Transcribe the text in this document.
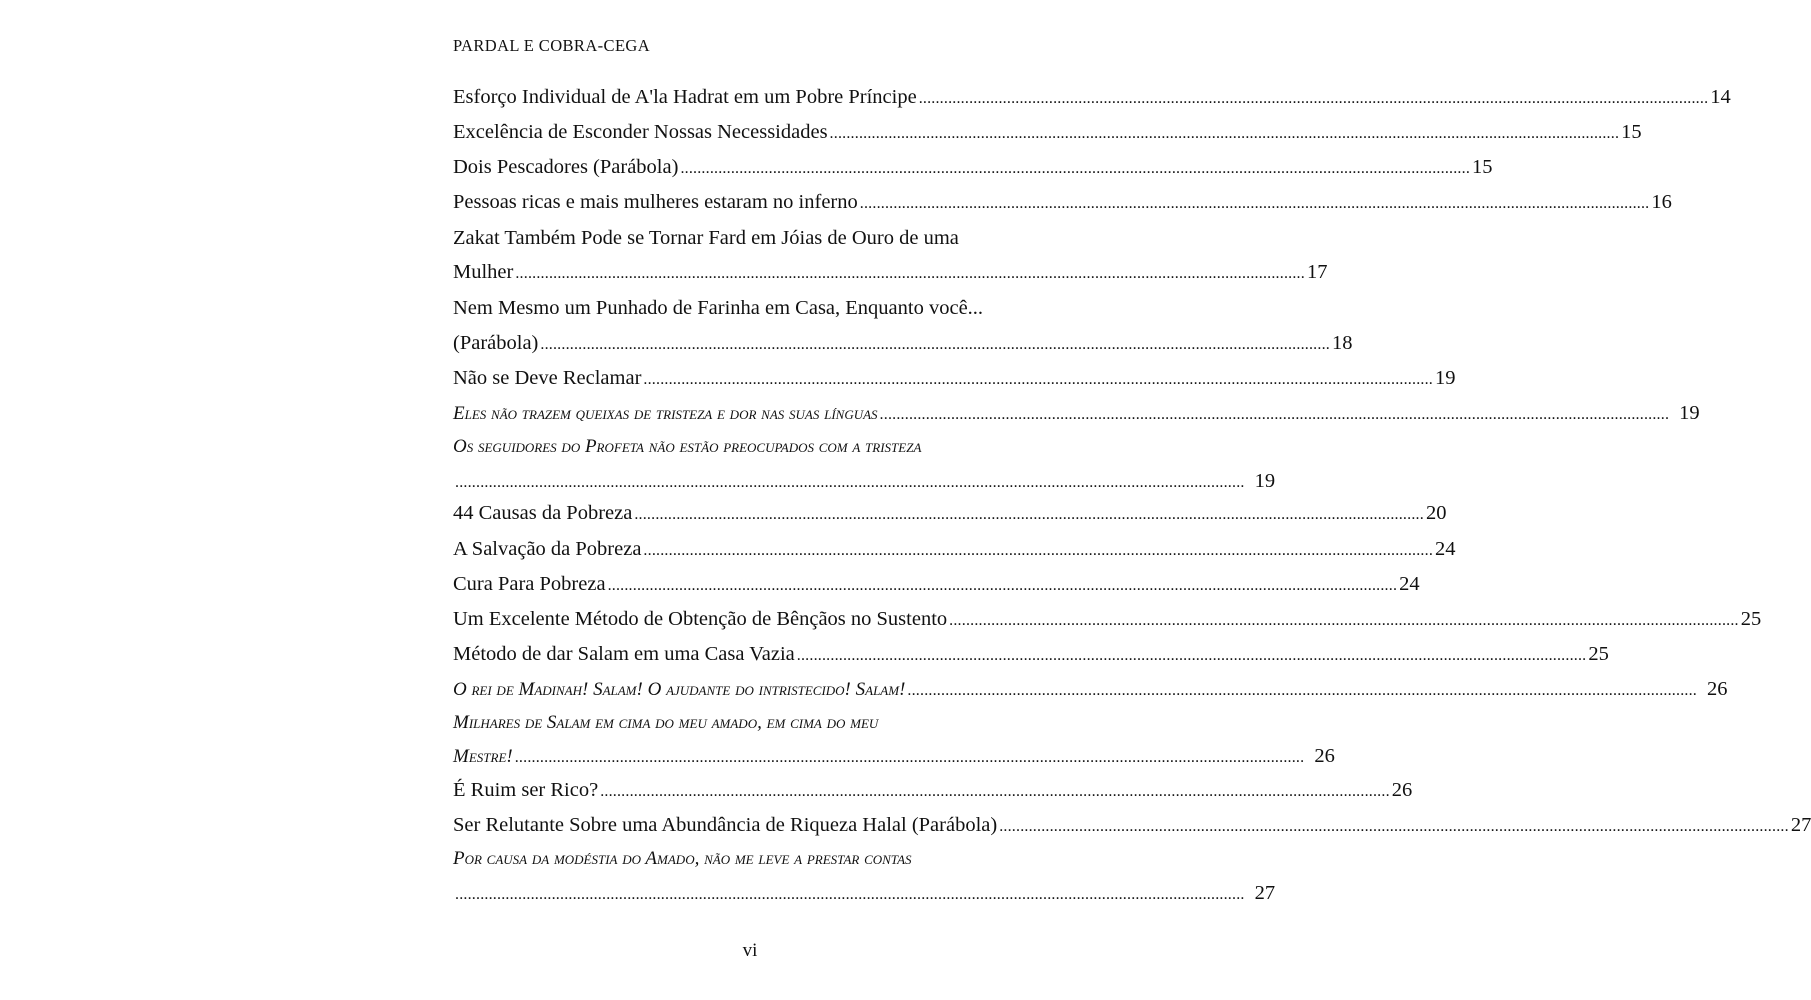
PARDAL E COBRA-CEGA
Esforço Individual de A'la Hadrat em um Pobre Príncipe ............................................................................................................................................................................................ 14
Excelência de Esconder Nossas Necessidades ............................................................................................................................................................................................ 15
Dois Pescadores (Parábola) ............................................................................................................................................................................................ 15
Pessoas ricas e mais mulheres estaram no inferno ............................................................................................................................................................................................ 16
Zakat Também Pode se Tornar Fard em Jóias de Ouro de uma
Mulher ............................................................................................................................................................................................ 17
Nem Mesmo um Punhado de Farinha em Casa, Enquanto você...
(Parábola) ............................................................................................................................................................................................ 18
Não se Deve Reclamar ............................................................................................................................................................................................ 19
Eles não trazem queixas de tristeza e dor nas suas línguas ............................................................................................................................................................................................ 19
Os seguidores do Profeta não estão preocupados com a tristeza
............................................................................................................................................................................................ 19
44 Causas da Pobreza ............................................................................................................................................................................................ 20
A Salvação da Pobreza ............................................................................................................................................................................................ 24
Cura Para Pobreza ............................................................................................................................................................................................ 24
Um Excelente Método de Obtenção de Bênçãos no Sustento ............................................................................................................................................................................................ 25
Método de dar Salam em uma Casa Vazia ............................................................................................................................................................................................ 25
O rei de Madinah! Salam! O ajudante do intristecido! Salam! ............................................................................................................................................................................................ 26
Milhares de Salam em cima do meu amado, em cima do meu
Mestre! ............................................................................................................................................................................................ 26
É Ruim ser Rico? ............................................................................................................................................................................................ 26
Ser Relutante Sobre uma Abundância de Riqueza Halal (Parábola) ............................................................................................................................................................................................ 27
Por causa da modéstia do Amado, não me leve a prestar contas
............................................................................................................................................................................................ 27
vi
